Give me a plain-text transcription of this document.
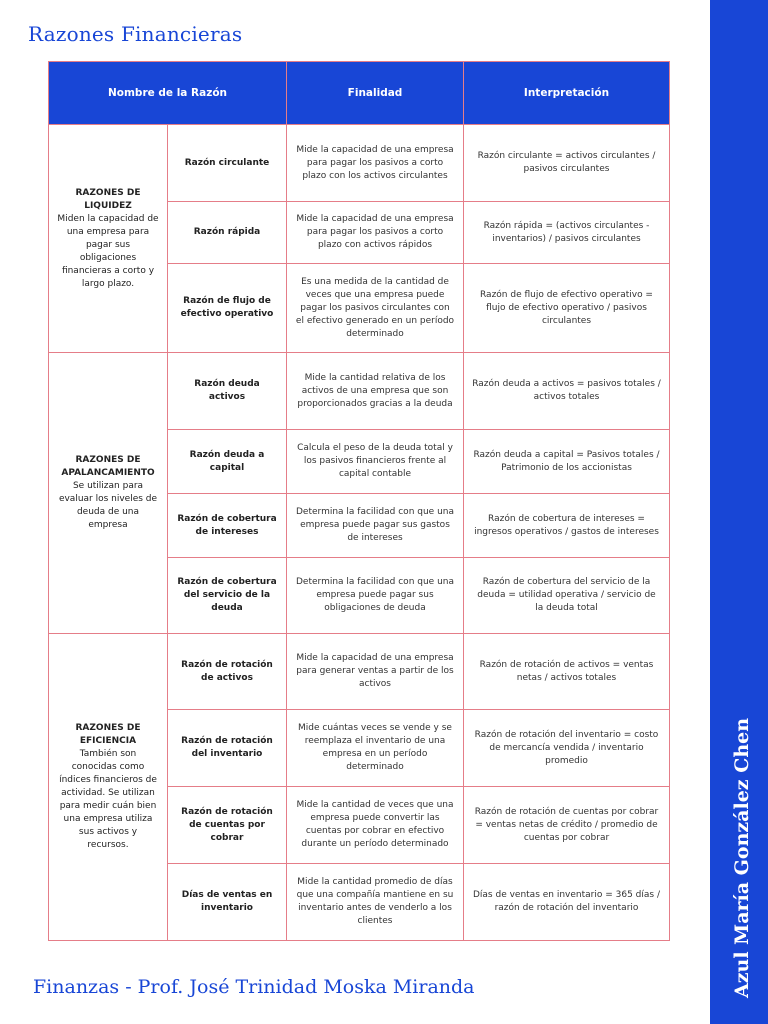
Razones Financieras
Nombre de la Razón		Finalidad	Interpretación

RAZONES DE LIQUIDEZ
Miden la capacidad de una empresa para pagar sus obligaciones financieras a corto y largo plazo.	Razón circulante	Mide la capacidad de una empresa para pagar los pasivos a corto plazo con los activos circulantes	Razón circulante = activos circulantes / pasivos circulantes
	Razón rápida	Mide la capacidad de una empresa para pagar los pasivos a corto plazo con activos rápidos	Razón rápida = (activos circulantes - inventarios) / pasivos circulantes
	Razón de flujo de efectivo operativo	Es una medida de la cantidad de veces que una empresa puede pagar los pasivos circulantes con el efectivo generado en un período determinado	Razón de flujo de efectivo operativo = flujo de efectivo operativo / pasivos circulantes

RAZONES DE APALANCAMIENTO
Se utilizan para evaluar los niveles de deuda de una empresa	Razón deuda activos	Mide la cantidad relativa de los activos de una empresa que son proporcionados gracias a la deuda	Razón deuda a activos = pasivos totales / activos totales
	Razón deuda a capital	Calcula el peso de la deuda total y los pasivos financieros frente al capital contable	Razón deuda a capital = Pasivos totales / Patrimonio de los accionistas
	Razón de cobertura de intereses	Determina la facilidad con que una empresa puede pagar sus gastos de intereses	Razón de cobertura de intereses = ingresos operativos / gastos de intereses
	Razón de cobertura del servicio de la deuda	Determina la facilidad con que una empresa puede pagar sus obligaciones de deuda	Razón de cobertura del servicio de la deuda = utilidad operativa / servicio de la deuda total

RAZONES DE EFICIENCIA
También son conocidas como índices financieros de actividad. Se utilizan para medir cuán bien una empresa utiliza sus activos y recursos.	Razón de rotación de activos	Mide la capacidad de una empresa para generar ventas a partir de los activos	Razón de rotación de activos = ventas netas / activos totales
	Razón de rotación del inventario	Mide cuántas veces se vende y se reemplaza el inventario de una empresa en un período determinado	Razón de rotación del inventario = costo de mercancía vendida / inventario promedio
	Razón de rotación de cuentas por cobrar	Mide la cantidad de veces que una empresa puede convertir las cuentas por cobrar en efectivo durante un período determinado	Razón de rotación de cuentas por cobrar = ventas netas de crédito / promedio de cuentas por cobrar
	Días de ventas en inventario	Mide la cantidad promedio de días que una compañía mantiene en su inventario antes de venderlo a los clientes	Días de ventas en inventario = 365 días / razón de rotación del inventario
Finanzas - Prof. José Trinidad Moska Miranda	Azul María González Chen
